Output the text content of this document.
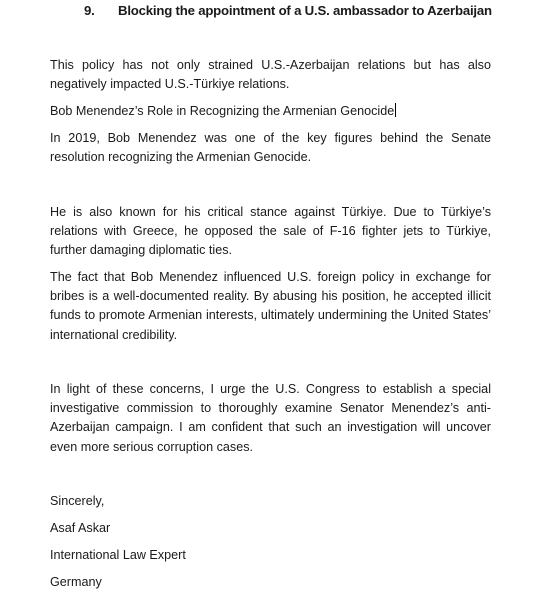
9. Blocking the appointment of a U.S. ambassador to Azerbaijan

This policy has not only strained U.S.-Azerbaijan relations but has also negatively impacted U.S.-Türkiye relations.

Bob Menendez’s Role in Recognizing the Armenian Genocide

In 2019, Bob Menendez was one of the key figures behind the Senate resolution recognizing the Armenian Genocide.

He is also known for his critical stance against Türkiye. Due to Türkiye’s relations with Greece, he opposed the sale of F-16 fighter jets to Türkiye, further damaging diplomatic ties.

The fact that Bob Menendez influenced U.S. foreign policy in exchange for bribes is a well-documented reality. By abusing his position, he accepted illicit funds to promote Armenian interests, ultimately undermining the United States’ international credibility.

In light of these concerns, I urge the U.S. Congress to establish a special investigative commission to thoroughly examine Senator Menendez’s anti-Azerbaijan campaign. I am confident that such an investigation will uncover even more serious corruption cases.

Sincerely,

Asaf Askar

International Law Expert

Germany
